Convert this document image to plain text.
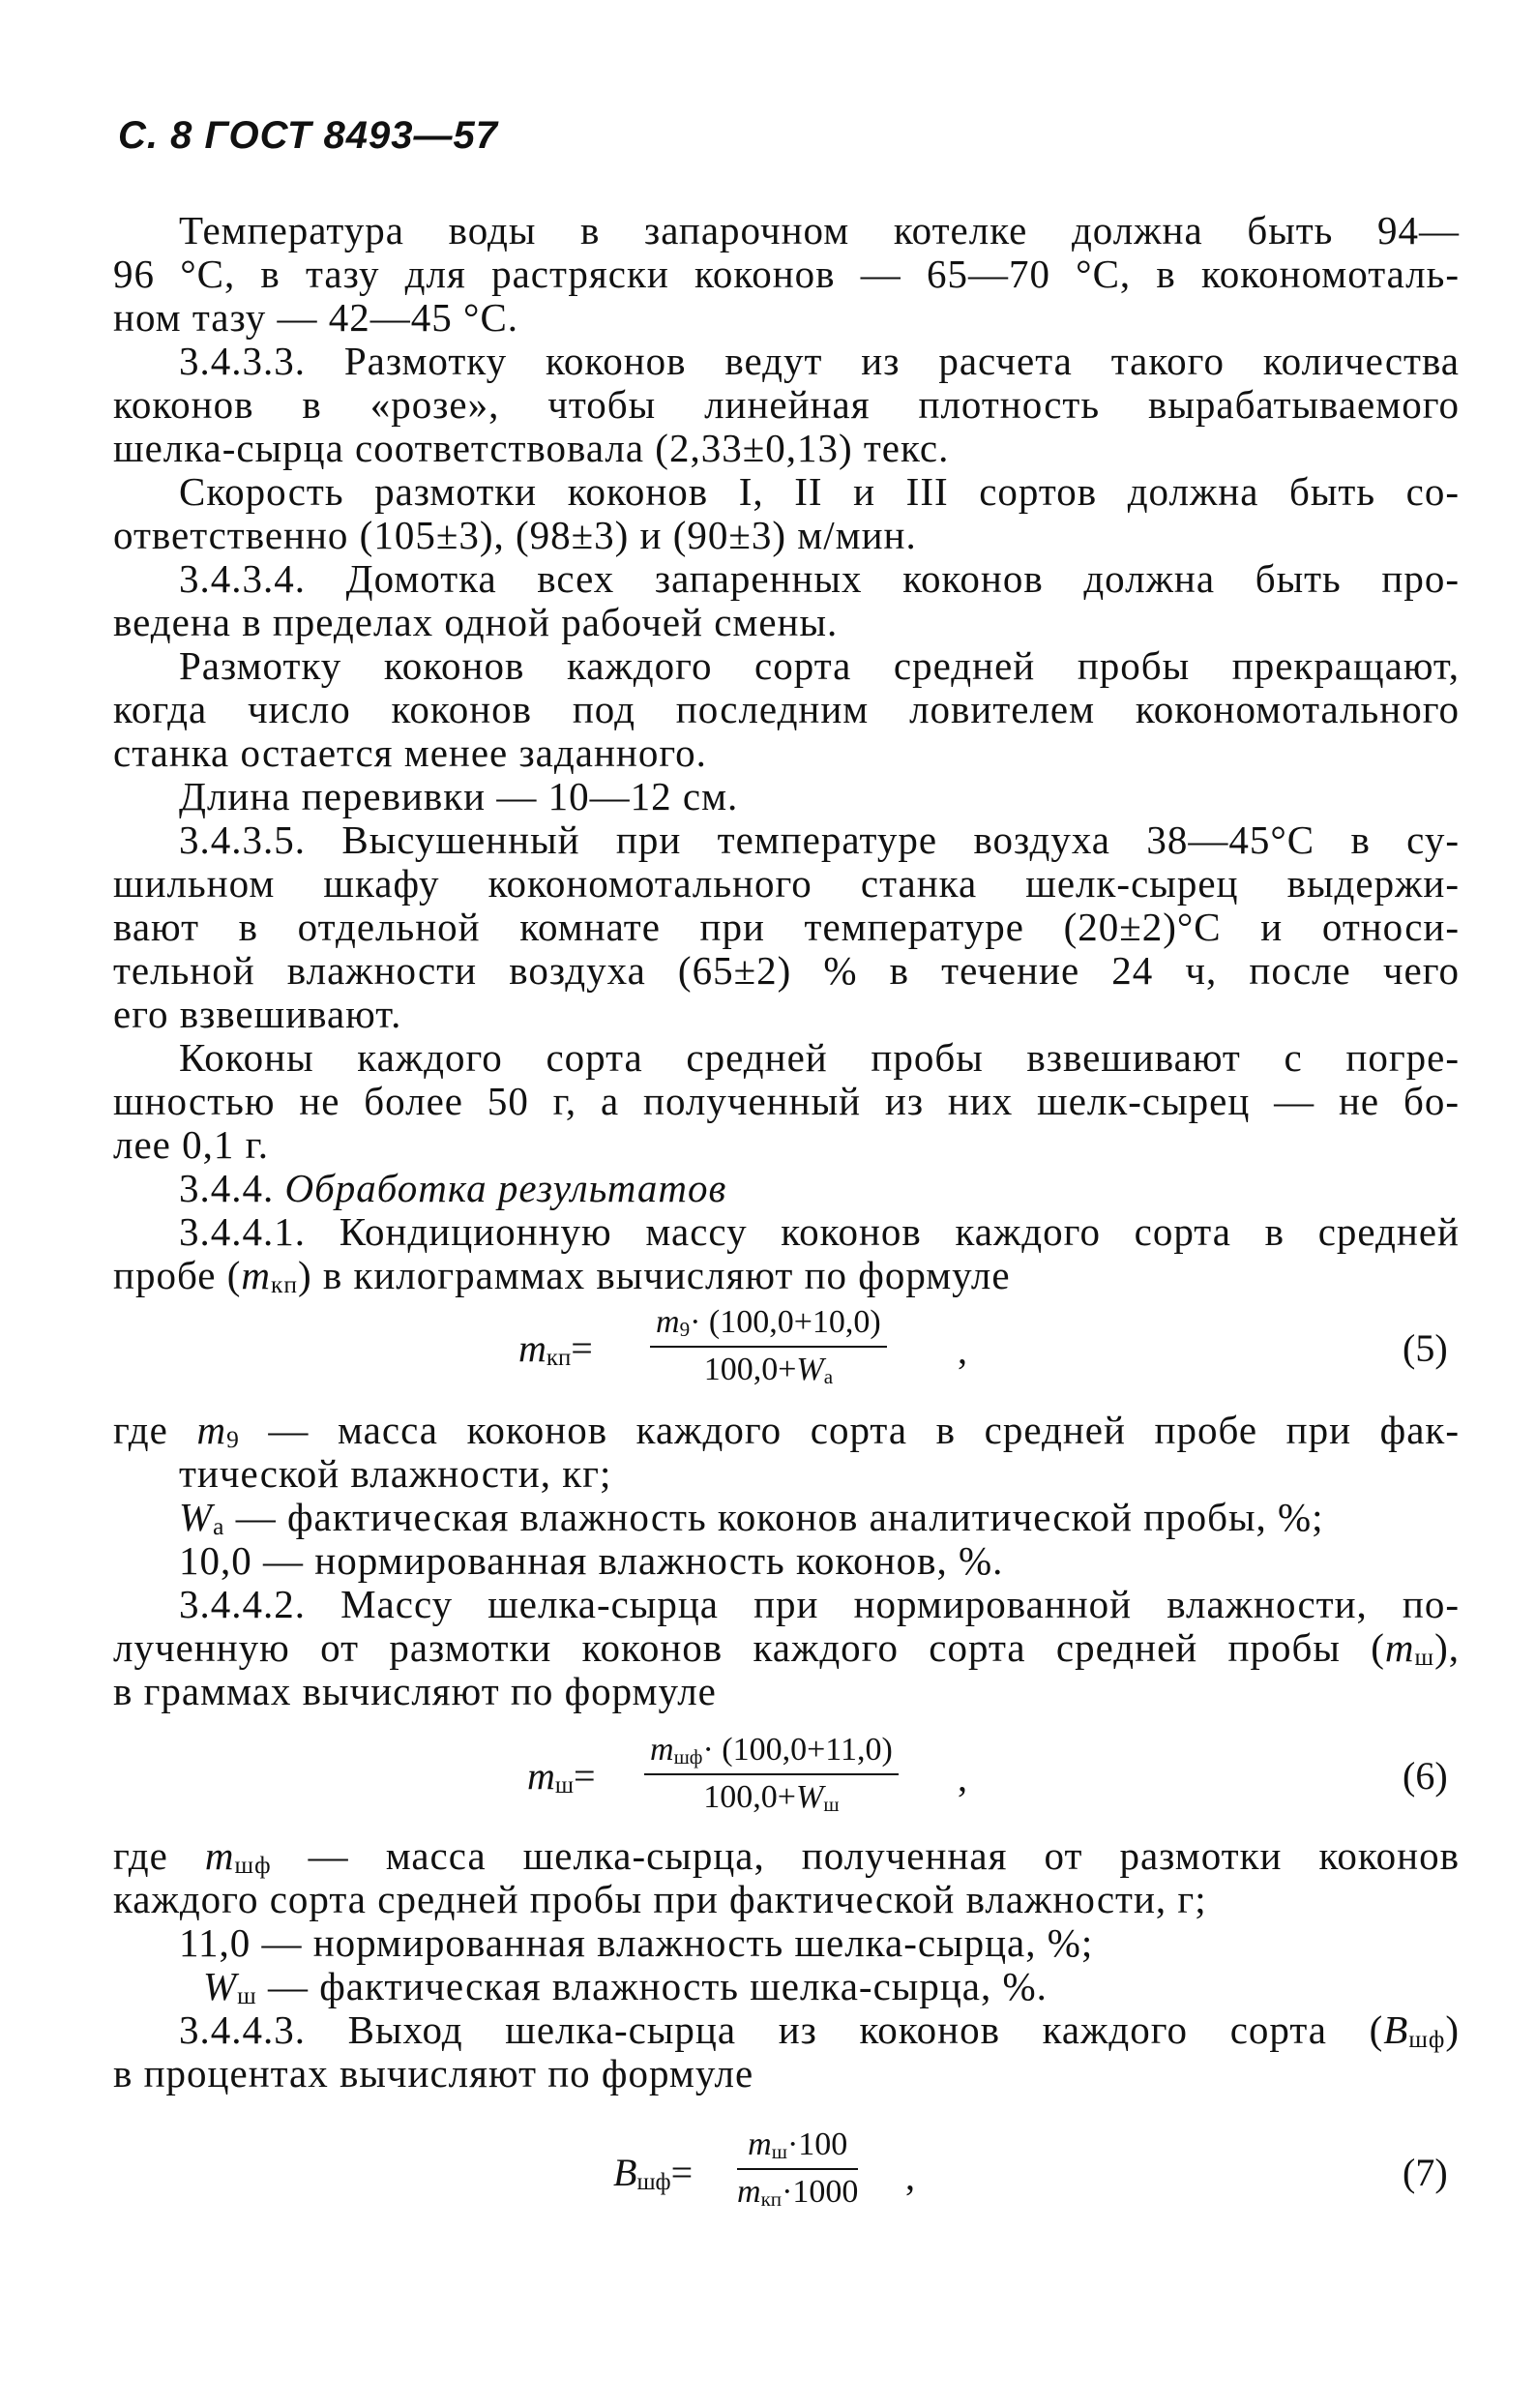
С. 8 ГОСТ 8493—57
Температура воды в запарочном котелке должна быть 94—
96 °С, в тазу для растряски коконов — 65—70 °С, в кокономоталь-
ном тазу — 42—45 °С.
3.4.3.3. Размотку коконов ведут из расчета такого количества
коконов в «розе», чтобы линейная плотность вырабатываемого
шелка-сырца соответствовала (2,33±0,13) текс.
Скорость размотки коконов I, II и III сортов должна быть со-
ответственно (105±3), (98±3) и (90±3) м/мин.
3.4.3.4. Домотка всех запаренных коконов должна быть про-
ведена в пределах одной рабочей смены.
Размотку коконов каждого сорта средней пробы прекращают,
когда число коконов под последним ловителем кокономотального
станка остается менее заданного.
Длина перевивки — 10—12 см.
3.4.3.5. Высушенный при температуре воздуха 38—45°С в су-
шильном шкафу кокономотального станка шелк-сырец выдержи-
вают в отдельной комнате при температуре (20±2)°С и относи-
тельной влажности воздуха (65±2) % в течение 24 ч, после чего
его взвешивают.
Коконы каждого сорта средней пробы взвешивают с погре-
шностью не более 50 г, а полученный из них шелк-сырец — не бо-
лее 0,1 г.
3.4.4. Обработка результатов
3.4.4.1. Кондиционную массу коконов каждого сорта в средней
пробе $(m_{кп})$ в килограммах вычисляют по формуле
$m_{кп}=$
$m_9\cdot (100,0+10,0)$
$100,0+W_а$
,	(5)
где $m_9$ — масса коконов каждого сорта в средней пробе при фак-
тической влажности, кг;
$W_а$ — фактическая влажность коконов аналитической пробы, %;
10,0 — нормированная влажность коконов, %.
3.4.4.2. Массу шелка-сырца при нормированной влажности, по-
лученную от размотки коконов каждого сорта средней пробы $(m_ш)$,
в граммах вычисляют по формуле
$m_ш=$
$m_{шф}\cdot (100,0+11,0)$
$100,0+W_ш$
,	(6)
где $m_{шф}$ — масса шелка-сырца, полученная от размотки коконов
каждого сорта средней пробы при фактической влажности, г;
11,0 — нормированная влажность шелка-сырца, %;
$W_ш$ — фактическая влажность шелка-сырца, %.
3.4.4.3. Выход шелка-сырца из коконов каждого сорта $(B_{шф})$
в процентах вычисляют по формуле
$B_{шф}=$
$m_ш\cdot 100$
$m_{кп}\cdot 1000$ ,	(7)
